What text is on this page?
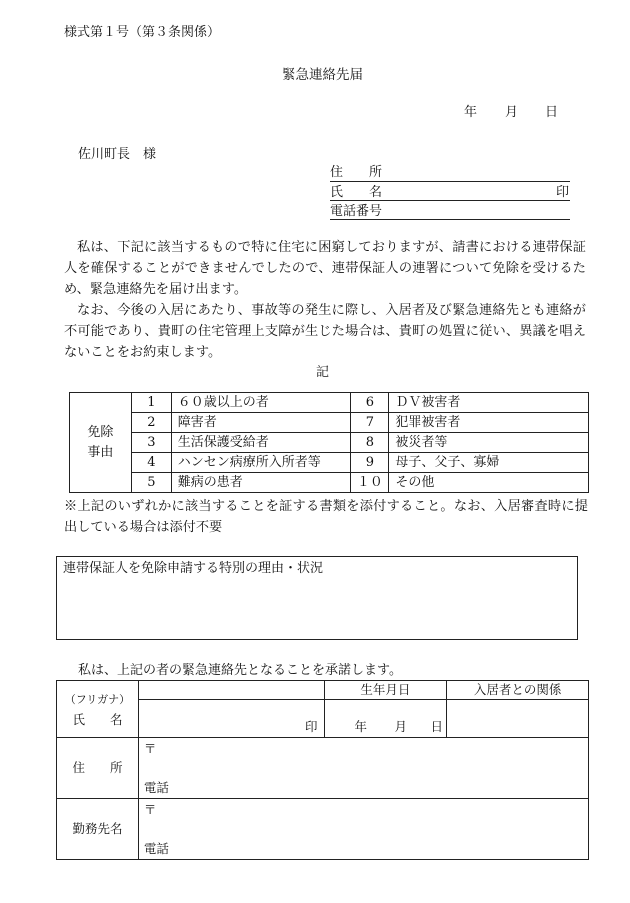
様式第１号（第３条関係）
緊急連絡先届
年 月 日
佐川町長　様
住　　所
氏　　名	印
電話番号
私は、下記に該当するもので特に住宅に困窮しておりますが、請書における連帯保証人を確保することができませんでしたので、連帯保証人の連署について免除を受けるため、緊急連絡先を届け出ます。
なお、今後の入居にあたり、事故等の発生に際し、入居者及び緊急連絡先とも連絡が不可能であり、貴町の住宅管理上支障が生じた場合は、貴町の処置に従い、異議を唱えないことをお約束します。
記
免除
事由	1	６０歳以上の者	6	ＤＶ被害者
	2	障害者	7	犯罪被害者
	3	生活保護受給者	8	被災者等
	4	ハンセン病療所入所者等	9	母子、父子、寡婦
	5	難病の患者	１０	その他
※上記のいずれかに該当することを証する書類を添付すること。なお、入居審査時に提出している場合は添付不要
連帯保証人を免除申請する特別の理由・状況
私は、上記の者の緊急連絡先となることを承諾します。
（フリガナ）
氏　　名		生年月日	入居者との関係

	印	年 月 日	

住　　所	〒
電話		

勤務先名	〒
電話		
